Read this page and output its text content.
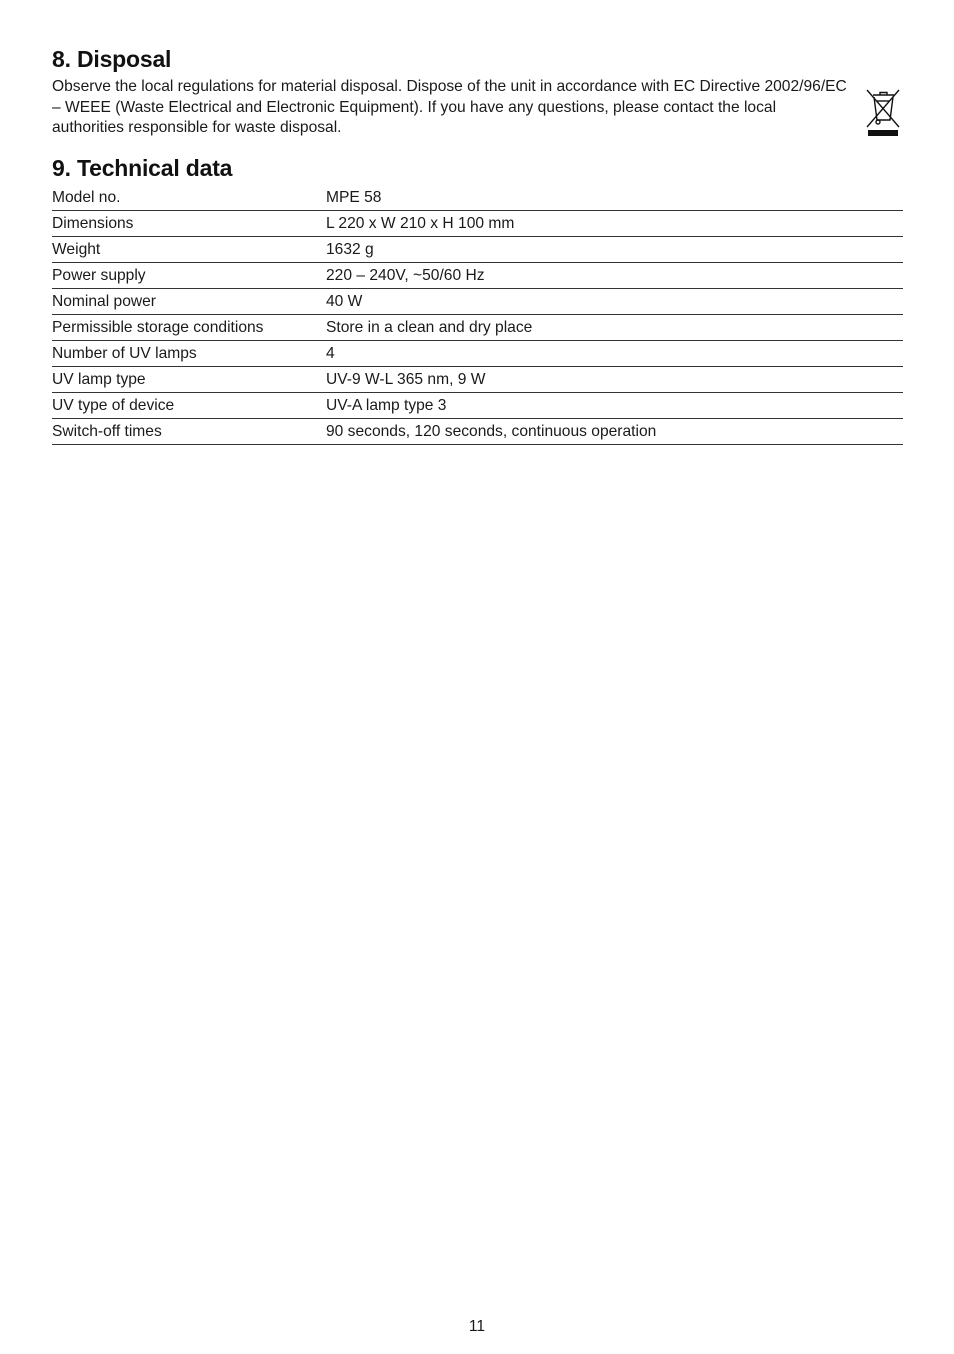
8. Disposal

Observe the local regulations for material disposal. Dispose of the unit in accordance with EC Directive 2002/96/EC – WEEE (Waste Electrical and Electronic Equipment). If you have any questions, please contact the local authorities responsible for waste disposal.

9. Technical data
Model no.	MPE 58
Dimensions	L 220 x W 210 x H 100 mm
Weight	1632 g
Power supply	220 – 240V, ~50/60 Hz
Nominal power	40 W
Permissible storage conditions	Store in a clean and dry place
Number of UV lamps	4
UV lamp type	UV-9 W-L 365 nm, 9 W
UV type of device	UV-A lamp type 3
Switch-off times	90 seconds, 120 seconds, continuous operation
11
